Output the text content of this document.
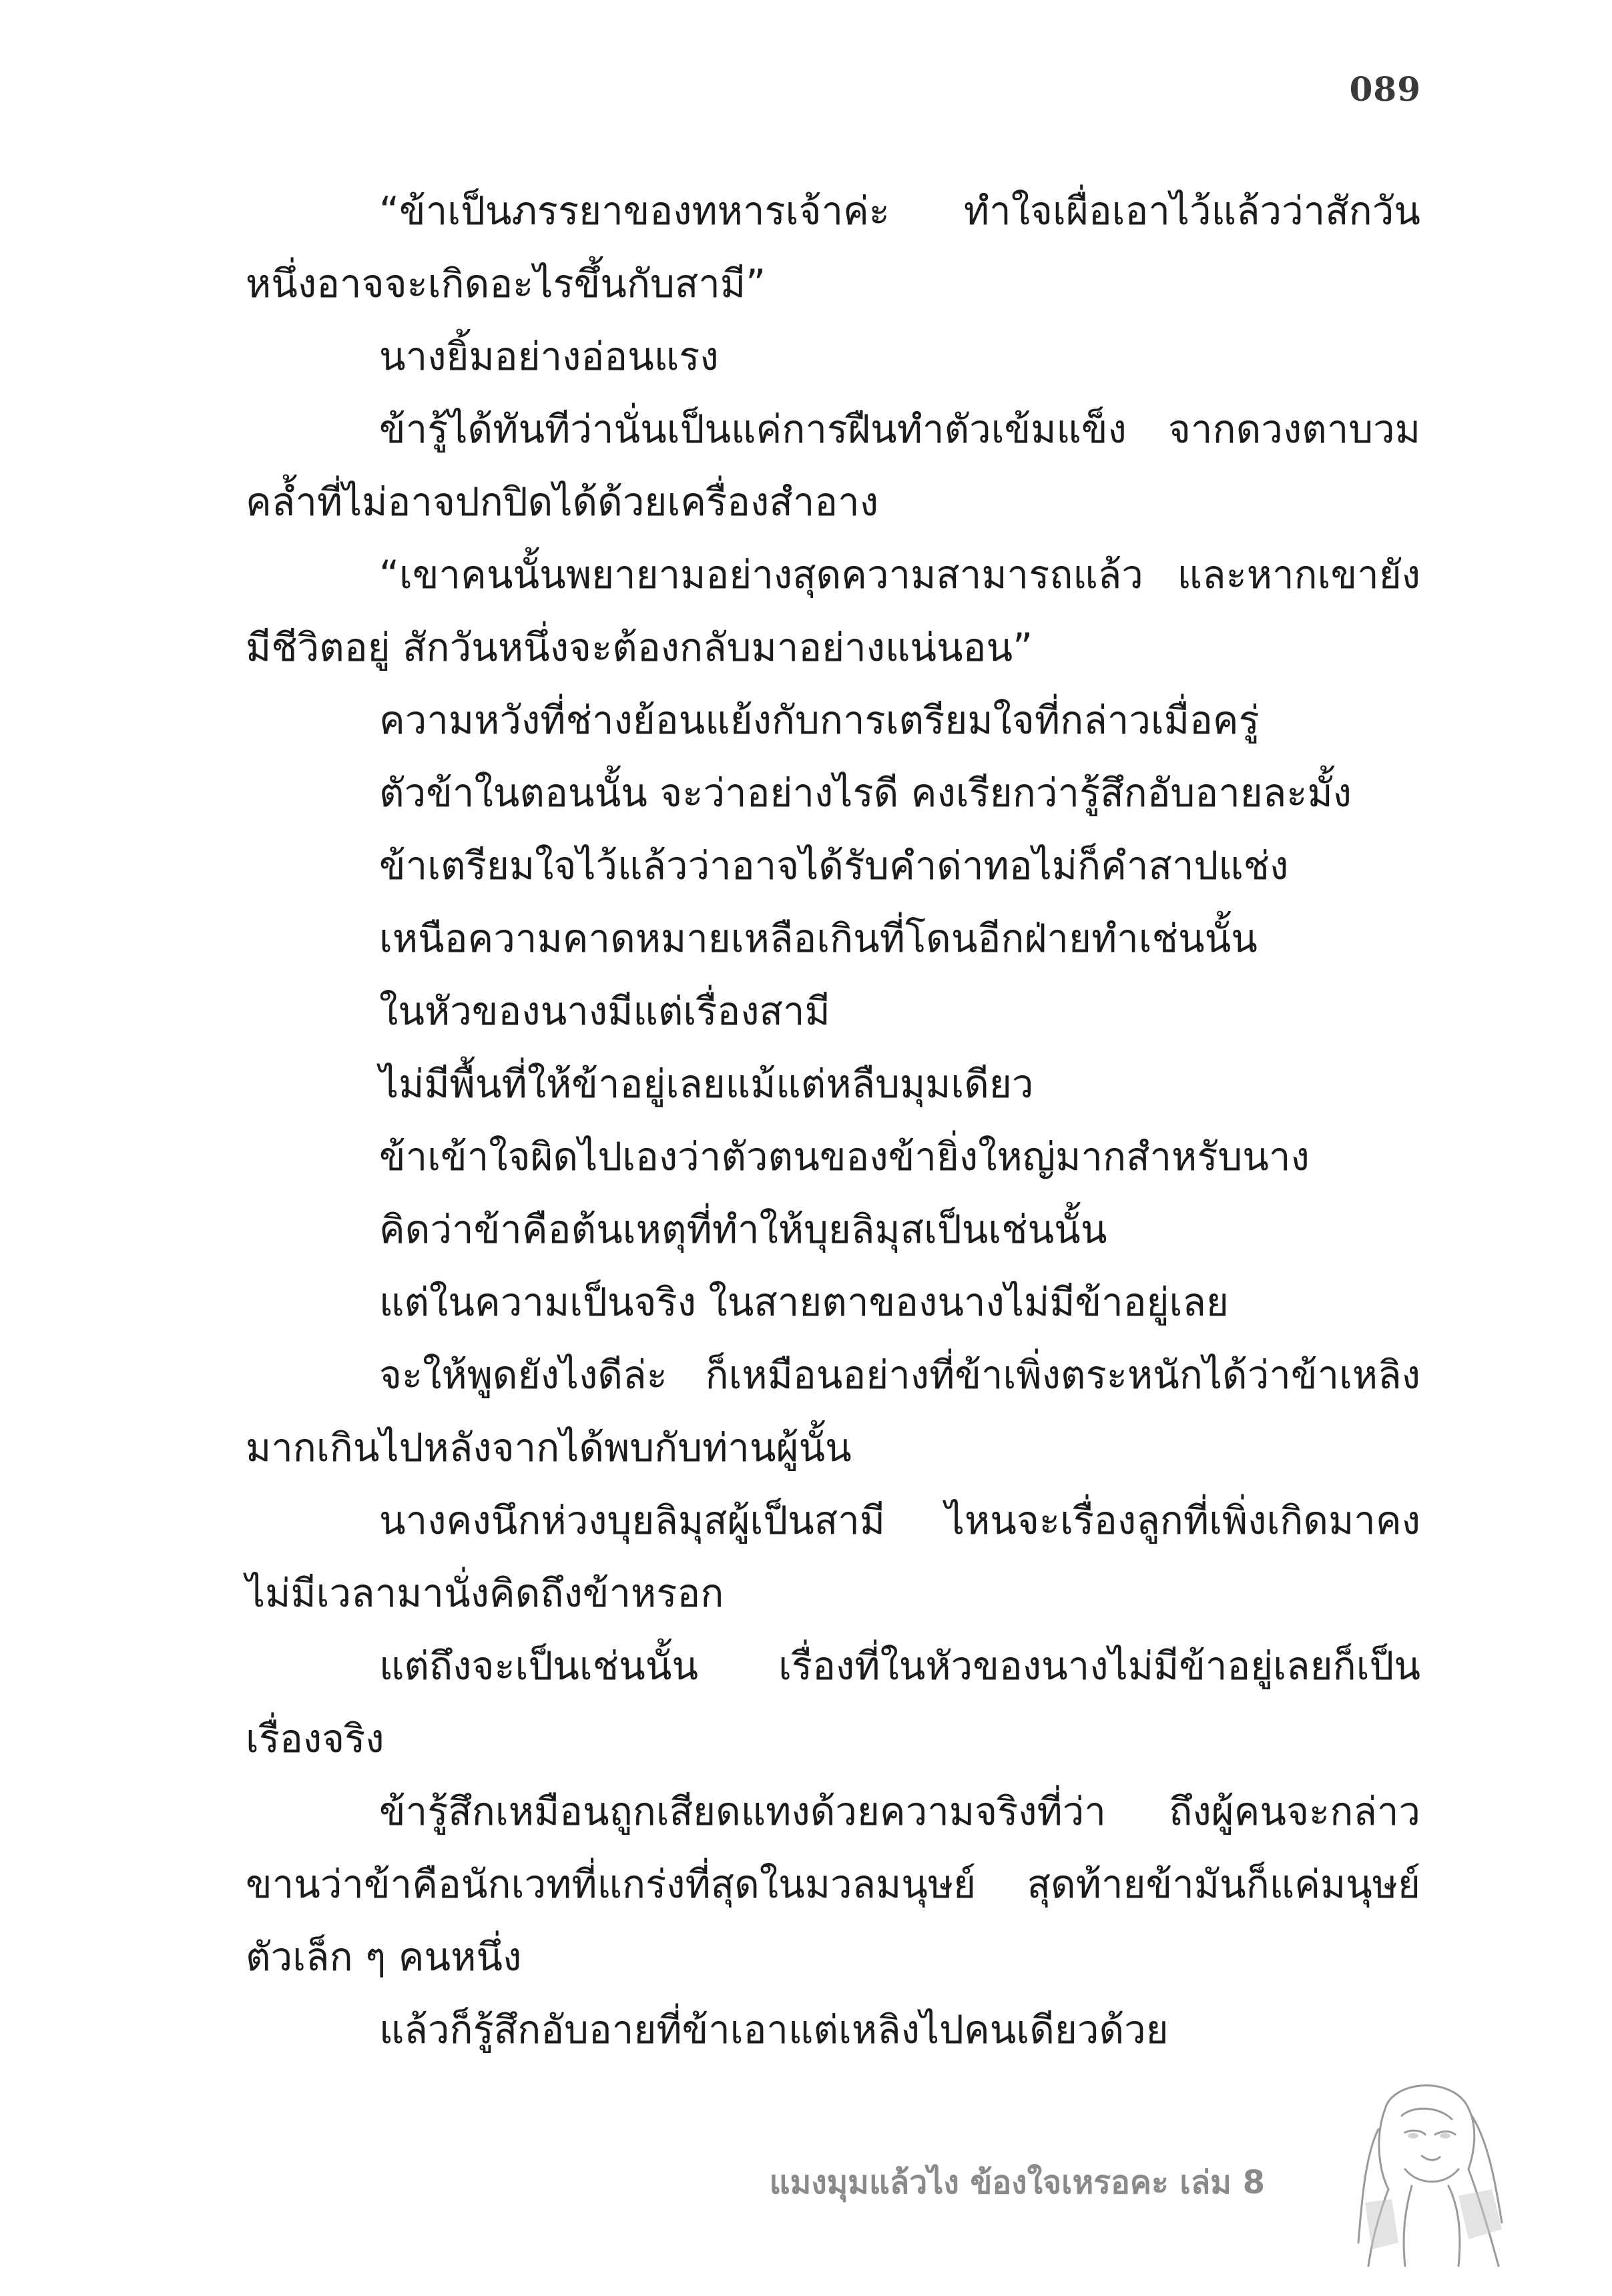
089

“ข้าเป็นภรรยาของทหารเจ้าค่ะ ทำใจเผื่อเอาไว้แล้วว่าสักวันหนึ่งอาจจะเกิดอะไรขึ้นกับสามี”

นางยิ้มอย่างอ่อนแรง

ข้ารู้ได้ทันทีว่านั่นเป็นแค่การฝืนทำตัวเข้มแข็ง จากดวงตาบวมคล้ำที่ไม่อาจปกปิดได้ด้วยเครื่องสำอาง

“เขาคนนั้นพยายามอย่างสุดความสามารถแล้ว และหากเขายังมีชีวิตอยู่ สักวันหนึ่งจะต้องกลับมาอย่างแน่นอน”

ความหวังที่ช่างย้อนแย้งกับการเตรียมใจที่กล่าวเมื่อครู่

ตัวข้าในตอนนั้น จะว่าอย่างไรดี คงเรียกว่ารู้สึกอับอายละมั้ง

ข้าเตรียมใจไว้แล้วว่าอาจได้รับคำด่าทอไม่ก็คำสาปแช่ง

เหนือความคาดหมายเหลือเกินที่โดนอีกฝ่ายทำเช่นนั้น

ในหัวของนางมีแต่เรื่องสามี

ไม่มีพื้นที่ให้ข้าอยู่เลยแม้แต่หลืบมุมเดียว

ข้าเข้าใจผิดไปเองว่าตัวตนของข้ายิ่งใหญ่มากสำหรับนาง

คิดว่าข้าคือต้นเหตุที่ทำให้บุยลิมุสเป็นเช่นนั้น

แต่ในความเป็นจริง ในสายตาของนางไม่มีข้าอยู่เลย

จะให้พูดยังไงดีล่ะ ก็เหมือนอย่างที่ข้าเพิ่งตระหนักได้ว่าข้าเหลิงมากเกินไปหลังจากได้พบกับท่านผู้นั้น

นางคงนึกห่วงบุยลิมุสผู้เป็นสามี ไหนจะเรื่องลูกที่เพิ่งเกิดมาคงไม่มีเวลามานั่งคิดถึงข้าหรอก

แต่ถึงจะเป็นเช่นนั้น เรื่องที่ในหัวของนางไม่มีข้าอยู่เลยก็เป็นเรื่องจริง

ข้ารู้สึกเหมือนถูกเสียดแทงด้วยความจริงที่ว่า ถึงผู้คนจะกล่าวขานว่าข้าคือนักเวทที่แกร่งที่สุดในมวลมนุษย์ สุดท้ายข้ามันก็แค่มนุษย์ตัวเล็ก ๆ คนหนึ่ง

แล้วก็รู้สึกอับอายที่ข้าเอาแต่เหลิงไปคนเดียวด้วย

แมงมุมแล้วไง ข้องใจเหรอคะ เล่ม 8
